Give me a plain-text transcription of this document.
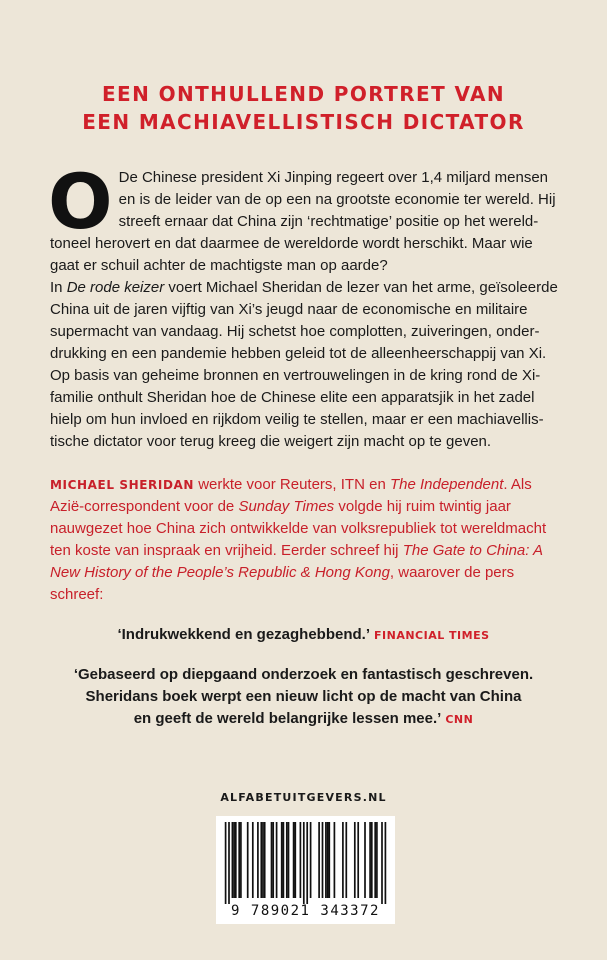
EEN ONTHULLEND PORTRET VAN
EEN MACHIAVELLISTISCH DICTATOR
O De Chinese president Xi Jinping regeert over 1,4 miljard mensen en is de leider van de op een na grootste economie ter wereld. Hij streeft ernaar dat China zijn ‘rechtmatige’ positie op het wereld-toneel herovert en dat daarmee de wereldorde wordt herschikt. Maar wie gaat er schuil achter de machtigste man op aarde?

In De rode keizer voert Michael Sheridan de lezer van het arme, geïsoleerde China uit de jaren vijftig van Xi’s jeugd naar de economische en militaire supermacht van vandaag. Hij schetst hoe complotten, zuiveringen, onder-drukking en een pandemie hebben geleid tot de alleenheerschappij van Xi. Op basis van geheime bronnen en vertrouwelingen in de kring rond de Xi-familie onthult Sheridan hoe de Chinese elite een apparatsjik in het zadel hielp om hun invloed en rijkdom veilig te stellen, maar er een machiavellis-tische dictator voor terug kreeg die weigert zijn macht op te geven.

MICHAEL SHERIDAN werkte voor Reuters, ITN en The Independent. Als Azië-correspondent voor de Sunday Times volgde hij ruim twintig jaar nauwgezet hoe China zich ontwikkelde van volksrepubliek tot wereldmacht ten koste van inspraak en vrijheid. Eerder schreef hij The Gate to China: A New History of the People’s Republic & Hong Kong, waarover de pers schreef:
‘Indrukwekkend en gezaghebbend.’ FINANCIAL TIMES
‘Gebaseerd op diepgaand onderzoek en fantastisch geschreven.
Sheridans boek werpt een nieuw licht op de macht van China
en geeft de wereld belangrijke lessen mee.’ CNN
ALFABETUITGEVERS.NL
9 789021 343372
